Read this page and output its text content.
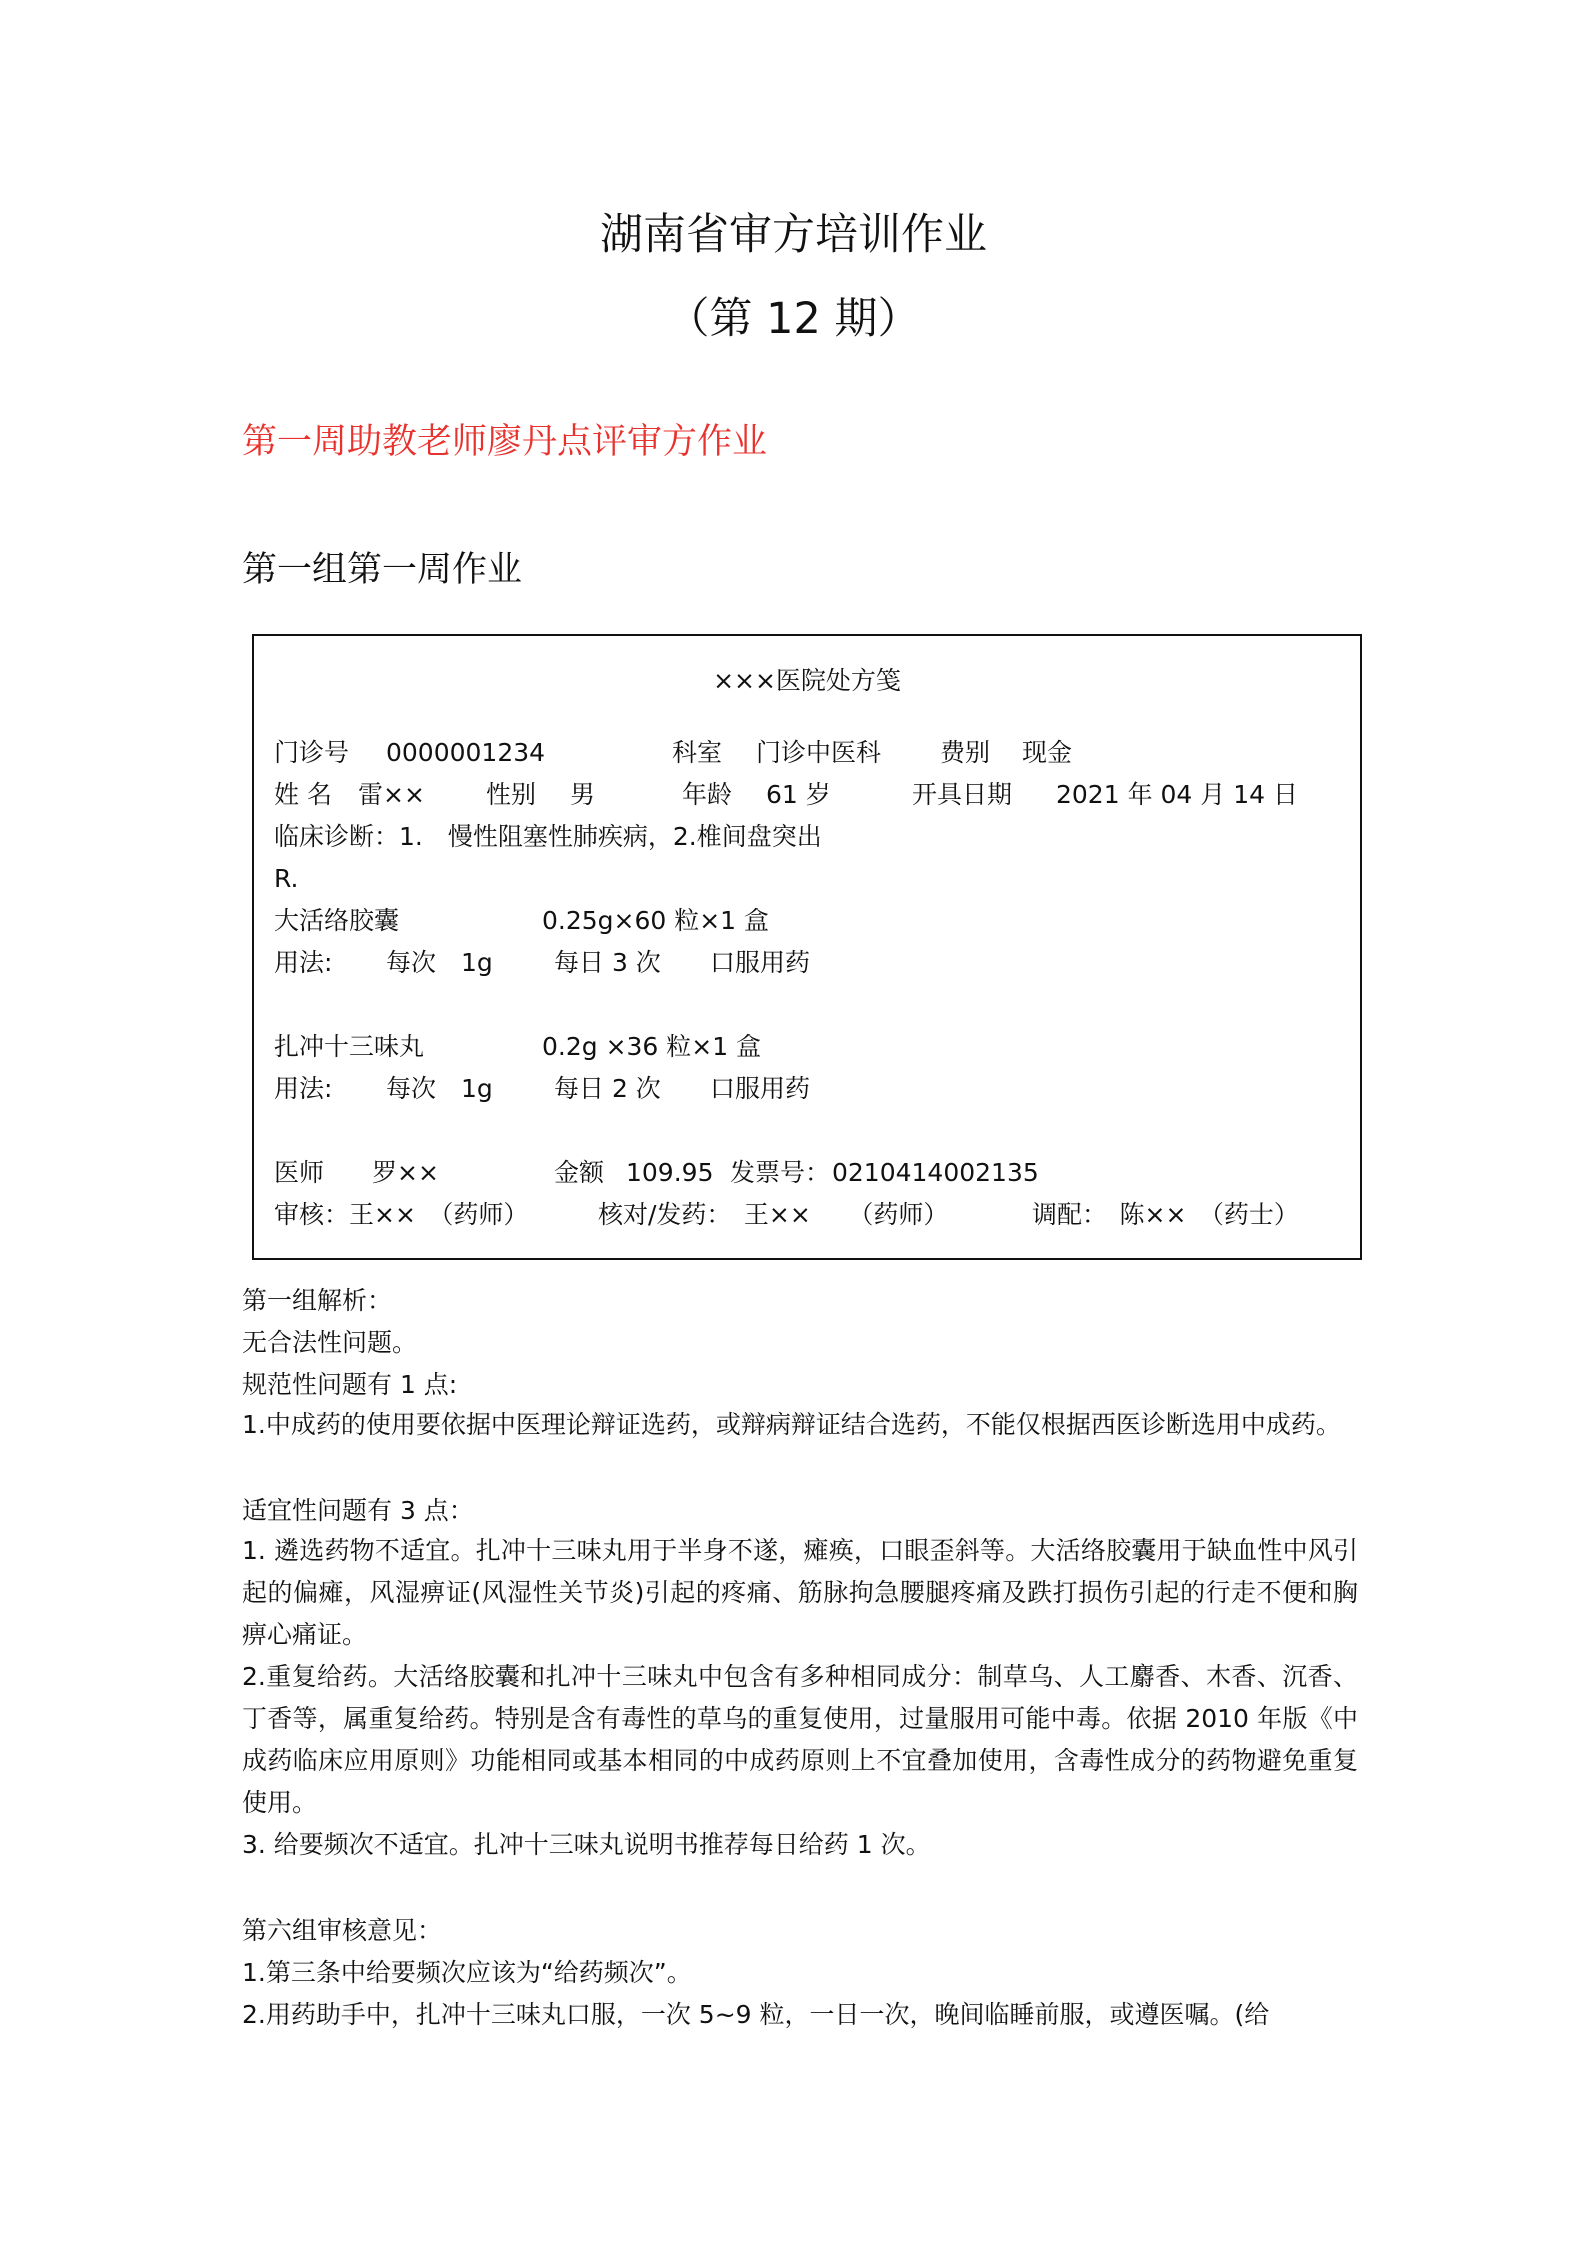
湖南省审方培训作业
（第 12 期）
第一周助教老师廖丹点评审方作业
第一组第一周作业
×××医院处方笺
门诊号 0000001234	科室 门诊中医科 费别 现金
姓 名 雷×× 性别 男	年龄 61 岁	开具日期 2021 年 04 月 14 日
临床诊断：1.　慢性阻塞性肺疾病，2.椎间盘突出
R.
大活络胶囊	0.25g×60 粒×1 盒
用法: 每次　1g 每日 3 次 口服用药
扎冲十三味丸	0.2g ×36 粒×1 盒
用法: 每次　1g 每日 2 次 口服用药
医师 罗××	金额 109.95 发票号： 0210414002135
审核：王××　（药师）	核对/发药：　王××　　（药师）	调配：　陈××　（药士）
第一组解析：
无合法性问题。
规范性问题有 1 点:
1.中成药的使用要依据中医理论辩证选药，或辩病辩证结合选药，不能仅根据西医诊断选用中成药。
适宜性问题有 3 点：
1. 遴选药物不适宜。扎冲十三味丸用于半身不遂，瘫痪，口眼歪斜等。大活络胶囊用于缺血性中风引起的偏瘫，风湿痹证(风湿性关节炎)引起的疼痛、筋脉拘急腰腿疼痛及跌打损伤引起的行走不便和胸痹心痛证。
2.重复给药。大活络胶囊和扎冲十三味丸中包含有多种相同成分：制草乌、人工麝香、木香、沉香、丁香等，属重复给药。特别是含有毒性的草乌的重复使用，过量服用可能中毒。依据 2010 年版《中成药临床应用原则》功能相同或基本相同的中成药原则上不宜叠加使用，含毒性成分的药物避免重复使用。
3. 给要频次不适宜。扎冲十三味丸说明书推荐每日给药 1 次。
第六组审核意见：
1.第三条中给要频次应该为“给药频次”。
2.用药助手中，扎冲十三味丸口服，一次 5~9 粒，一日一次，晚间临睡前服，或遵医嘱。(给
